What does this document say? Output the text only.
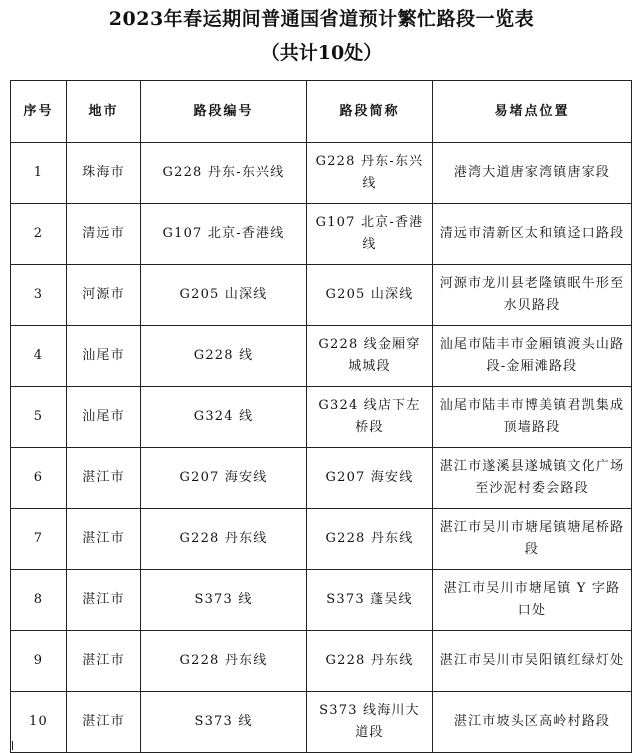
2023年春运期间普通国省道预计繁忙路段一览表
（共计10处）
序号	地市	路段编号	路段简称	易堵点位置
1	珠海市	G228 丹东-东兴线	G228 丹东-东兴线	港湾大道唐家湾镇唐家段
2	清远市	G107 北京-香港线	G107 北京-香港线	清远市清新区太和镇迳口路段
3	河源市	G205 山深线	G205 山深线	河源市龙川县老隆镇眠牛形至水贝路段
4	汕尾市	G228 线	G228 线金厢穿城城段	汕尾市陆丰市金厢镇渡头山路段-金厢滩路段
5	汕尾市	G324 线	G324 线店下左桥段	汕尾市陆丰市博美镇君凯集成顶墙路段
6	湛江市	G207 海安线	G207 海安线	湛江市遂溪县遂城镇文化广场至沙泥村委会路段
7	湛江市	G228 丹东线	G228 丹东线	湛江市吴川市塘尾镇塘尾桥路段
8	湛江市	S373 线	S373 蓬吴线	湛江市吴川市塘尾镇 Y 字路口处
9	湛江市	G228 丹东线	G228 丹东线	湛江市吴川市吴阳镇红绿灯处
10	湛江市	S373 线	S373 线海川大道段	湛江市坡头区高岭村路段
